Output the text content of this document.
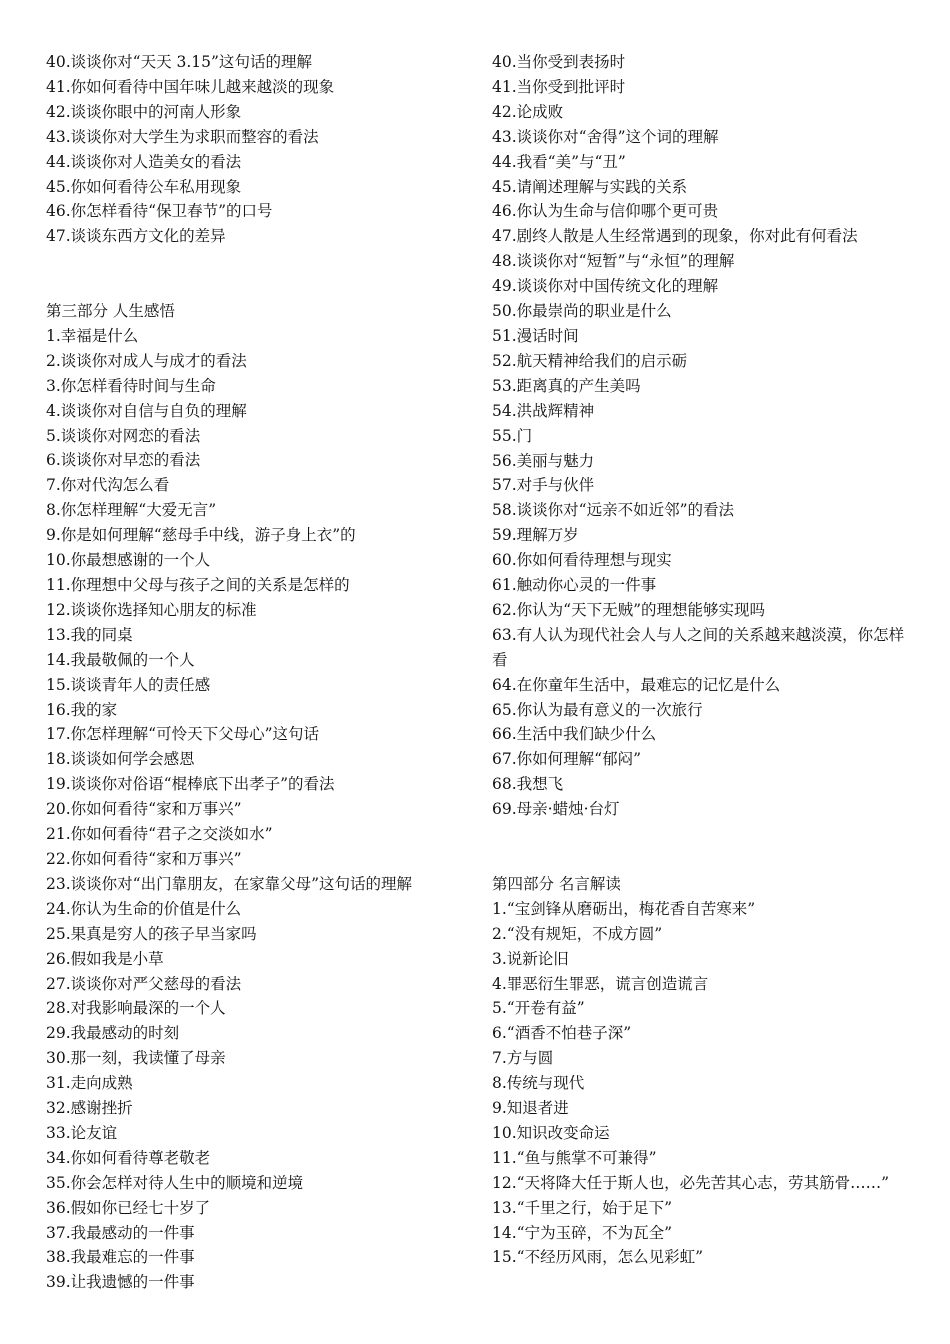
40.谈谈你对“天天 3.15”这句话的理解
41.你如何看待中国年味儿越来越淡的现象
42.谈谈你眼中的河南人形象
43.谈谈你对大学生为求职而整容的看法
44.谈谈你对人造美女的看法
45.你如何看待公车私用现象
46.你怎样看待“保卫春节”的口号
47.谈谈东西方文化的差异
第三部分 人生感悟
1.幸福是什么
2.谈谈你对成人与成才的看法
3.你怎样看待时间与生命
4.谈谈你对自信与自负的理解
5.谈谈你对网恋的看法
6.谈谈你对早恋的看法
7.你对代沟怎么看
8.你怎样理解“大爱无言”
9.你是如何理解“慈母手中线，游子身上衣”的
10.你最想感谢的一个人
11.你理想中父母与孩子之间的关系是怎样的
12.谈谈你选择知心朋友的标准
13.我的同桌
14.我最敬佩的一个人
15.谈谈青年人的责任感
16.我的家
17.你怎样理解“可怜天下父母心”这句话
18.谈谈如何学会感恩
19.谈谈你对俗语“棍棒底下出孝子”的看法
20.你如何看待“家和万事兴”
21.你如何看待“君子之交淡如水”
22.你如何看待“家和万事兴”
23.谈谈你对“出门靠朋友，在家靠父母”这句话的理解
24.你认为生命的价值是什么
25.果真是穷人的孩子早当家吗
26.假如我是小草
27.谈谈你对严父慈母的看法
28.对我影响最深的一个人
29.我最感动的时刻
30.那一刻，我读懂了母亲
31.走向成熟
32.感谢挫折
33.论友谊
34.你如何看待尊老敬老
35.你会怎样对待人生中的顺境和逆境
36.假如你已经七十岁了
37.我最感动的一件事
38.我最难忘的一件事
39.让我遗憾的一件事
40.当你受到表扬时
41.当你受到批评时
42.论成败
43.谈谈你对“舍得”这个词的理解
44.我看“美”与“丑”
45.请阐述理解与实践的关系
46.你认为生命与信仰哪个更可贵
47.剧终人散是人生经常遇到的现象，你对此有何看法
48.谈谈你对“短暂”与“永恒”的理解
49.谈谈你对中国传统文化的理解
50.你最崇尚的职业是什么
51.漫话时间
52.航天精神给我们的启示砺
53.距离真的产生美吗
54.洪战辉精神
55.门
56.美丽与魅力
57.对手与伙伴
58.谈谈你对“远亲不如近邻”的看法
59.理解万岁
60.你如何看待理想与现实
61.触动你心灵的一件事
62.你认为“天下无贼”的理想能够实现吗
63.有人认为现代社会人与人之间的关系越来越淡漠，你怎样看
64.在你童年生活中，最难忘的记忆是什么
65.你认为最有意义的一次旅行
66.生活中我们缺少什么
67.你如何理解“郁闷”
68.我想飞
69.母亲·蜡烛·台灯
第四部分 名言解读
1.“宝剑锋从磨砺出，梅花香自苦寒来”
2.“没有规矩，不成方圆”
3.说新论旧
4.罪恶衍生罪恶，谎言创造谎言
5.“开卷有益”
6.“酒香不怕巷子深”
7.方与圆
8.传统与现代
9.知退者进
10.知识改变命运
11.“鱼与熊掌不可兼得”
12.“天将降大任于斯人也，必先苦其心志，劳其筋骨……”
13.“千里之行，始于足下”
14.“宁为玉碎，不为瓦全”
15.“不经历风雨，怎么见彩虹”
